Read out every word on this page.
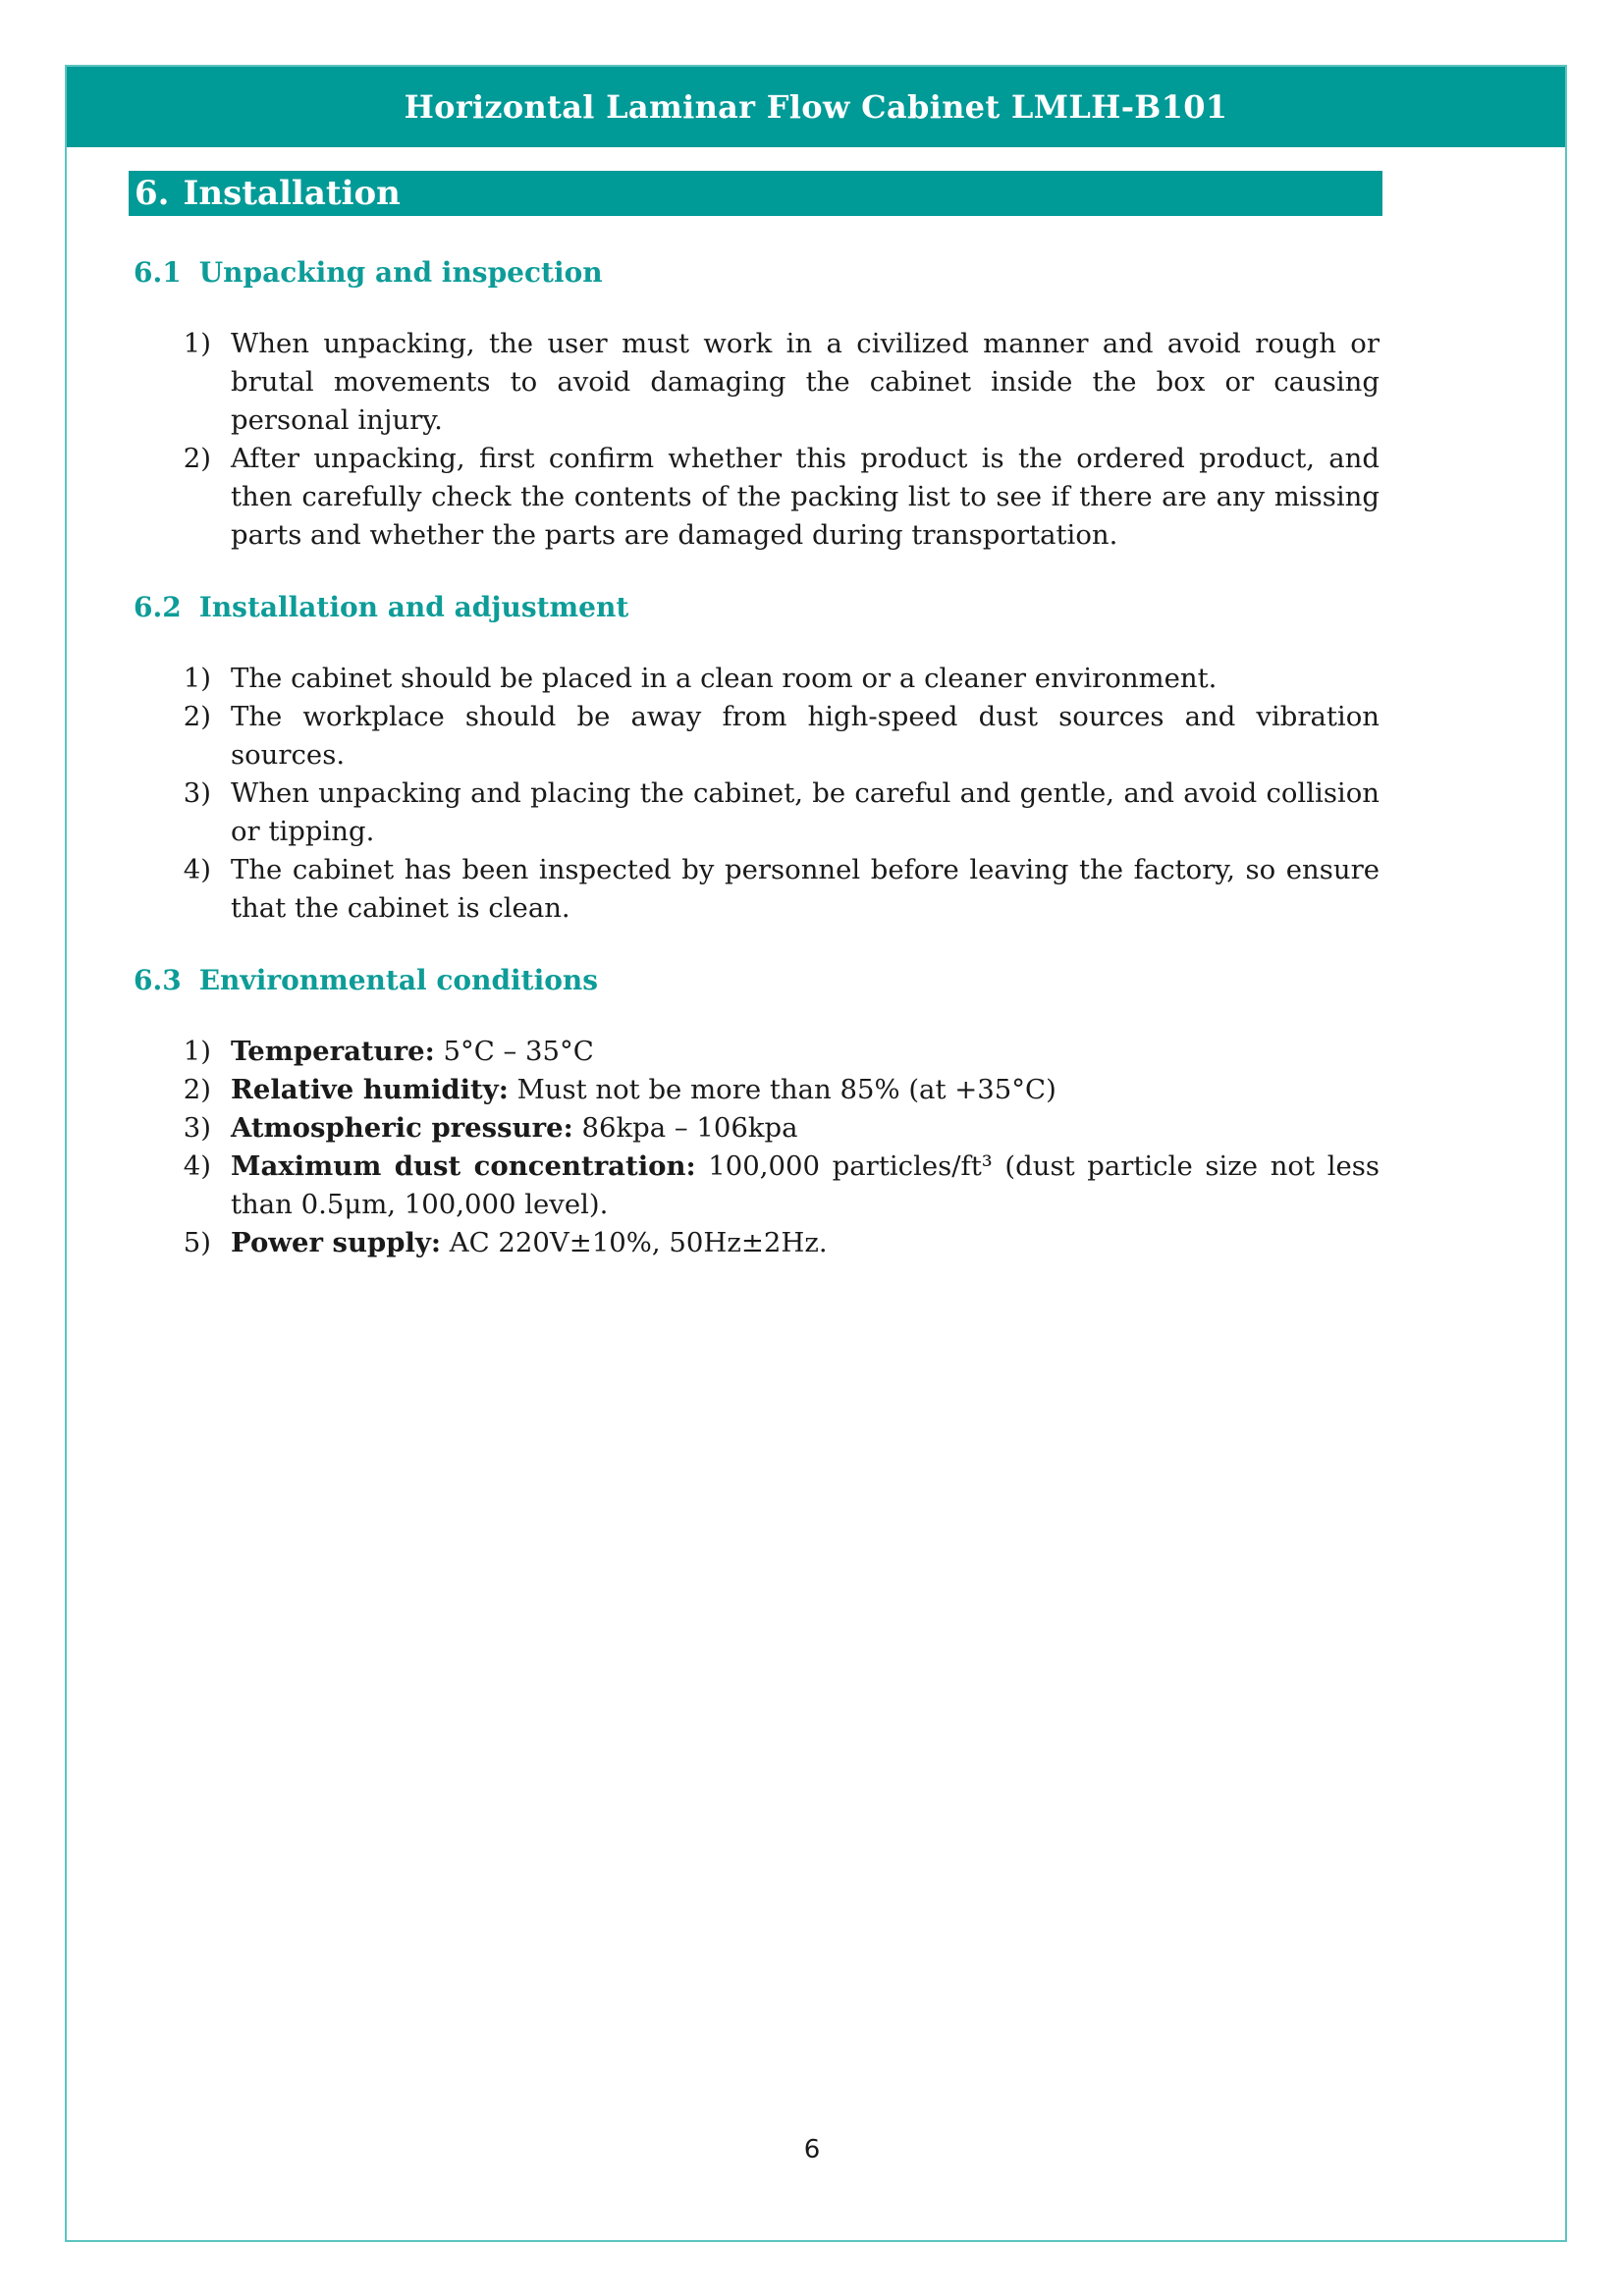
Horizontal Laminar Flow Cabinet LMLH-B101
6. Installation
6.1 Unpacking and inspection
1) When unpacking, the user must work in a civilized manner and avoid rough or brutal movements to avoid damaging the cabinet inside the box or causing personal injury.
2) After unpacking, first confirm whether this product is the ordered product, and then carefully check the contents of the packing list to see if there are any missing parts and whether the parts are damaged during transportation.
6.2 Installation and adjustment
1) The cabinet should be placed in a clean room or a cleaner environment.
2) The workplace should be away from high-speed dust sources and vibration sources.
3) When unpacking and placing the cabinet, be careful and gentle, and avoid collision or tipping.
4) The cabinet has been inspected by personnel before leaving the factory, so ensure that the cabinet is clean.
6.3 Environmental conditions
1) Temperature: 5°C – 35°C
2) Relative humidity: Must not be more than 85% (at +35°C)
3) Atmospheric pressure: 86kpa – 106kpa
4) Maximum dust concentration: 100,000 particles/ft³ (dust particle size not less than 0.5μm, 100,000 level).
5) Power supply: AC 220V±10%, 50Hz±2Hz.
6
